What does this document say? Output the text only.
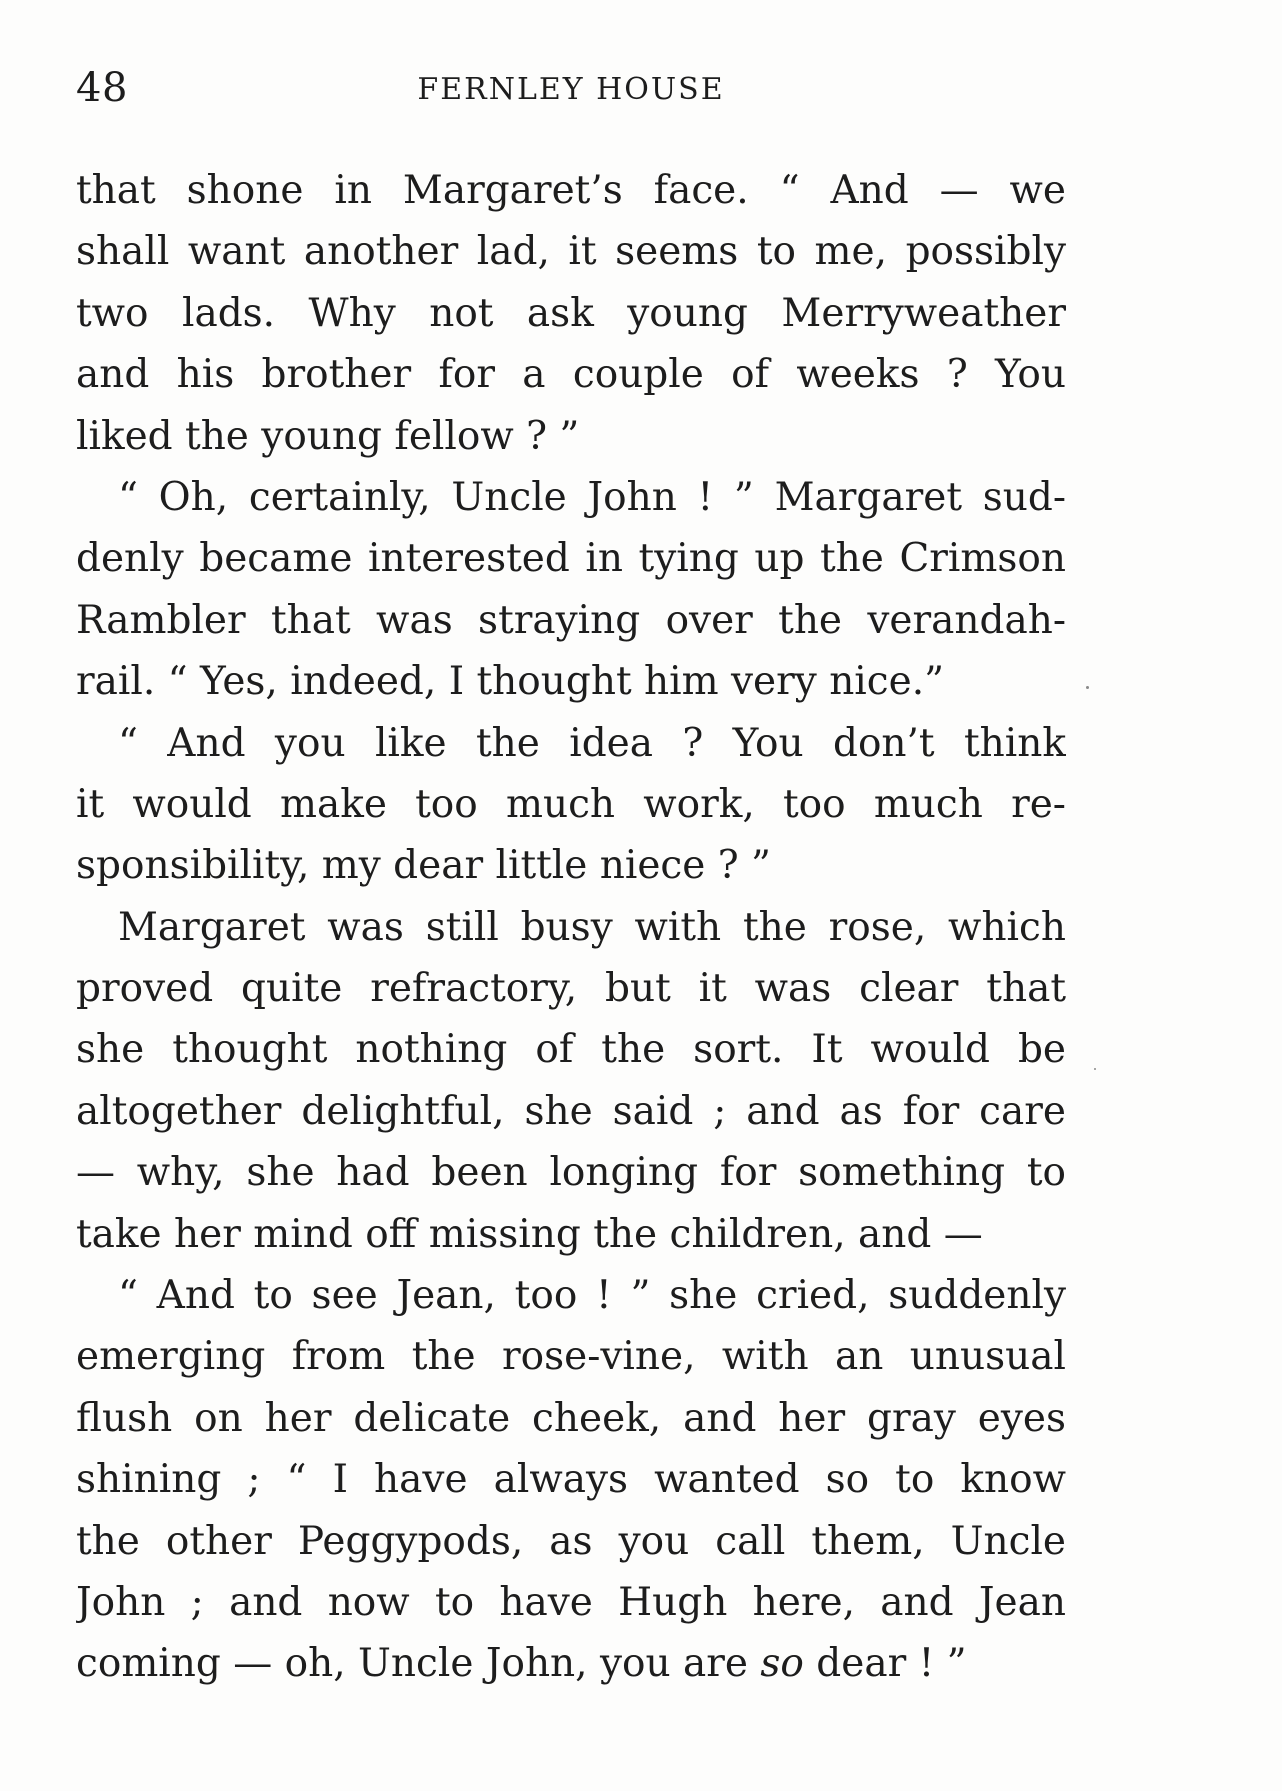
48	FERNLEY HOUSE
that shone in Margaret’s face. “ And — we
shall want another lad, it seems to me, possibly
two lads. Why not ask young Merryweather
and his brother for a couple of weeks ? You
liked the young fellow ? ”
“ Oh, certainly, Uncle John ! ” Margaret sud-
denly became interested in tying up the Crimson
Rambler that was straying over the verandah-
rail. “ Yes, indeed, I thought him very nice.”
“ And you like the idea ? You don’t think
it would make too much work, too much re-
sponsibility, my dear little niece ? ”
Margaret was still busy with the rose, which
proved quite refractory, but it was clear that
she thought nothing of the sort. It would be
altogether delightful, she said ; and as for care
— why, she had been longing for something to
take her mind off missing the children, and —
“ And to see Jean, too ! ” she cried, suddenly
emerging from the rose-vine, with an unusual
flush on her delicate cheek, and her gray eyes
shining ; “ I have always wanted so to know
the other Peggypods, as you call them, Uncle
John ; and now to have Hugh here, and Jean
coming — oh, Uncle John, you are so dear ! ”
